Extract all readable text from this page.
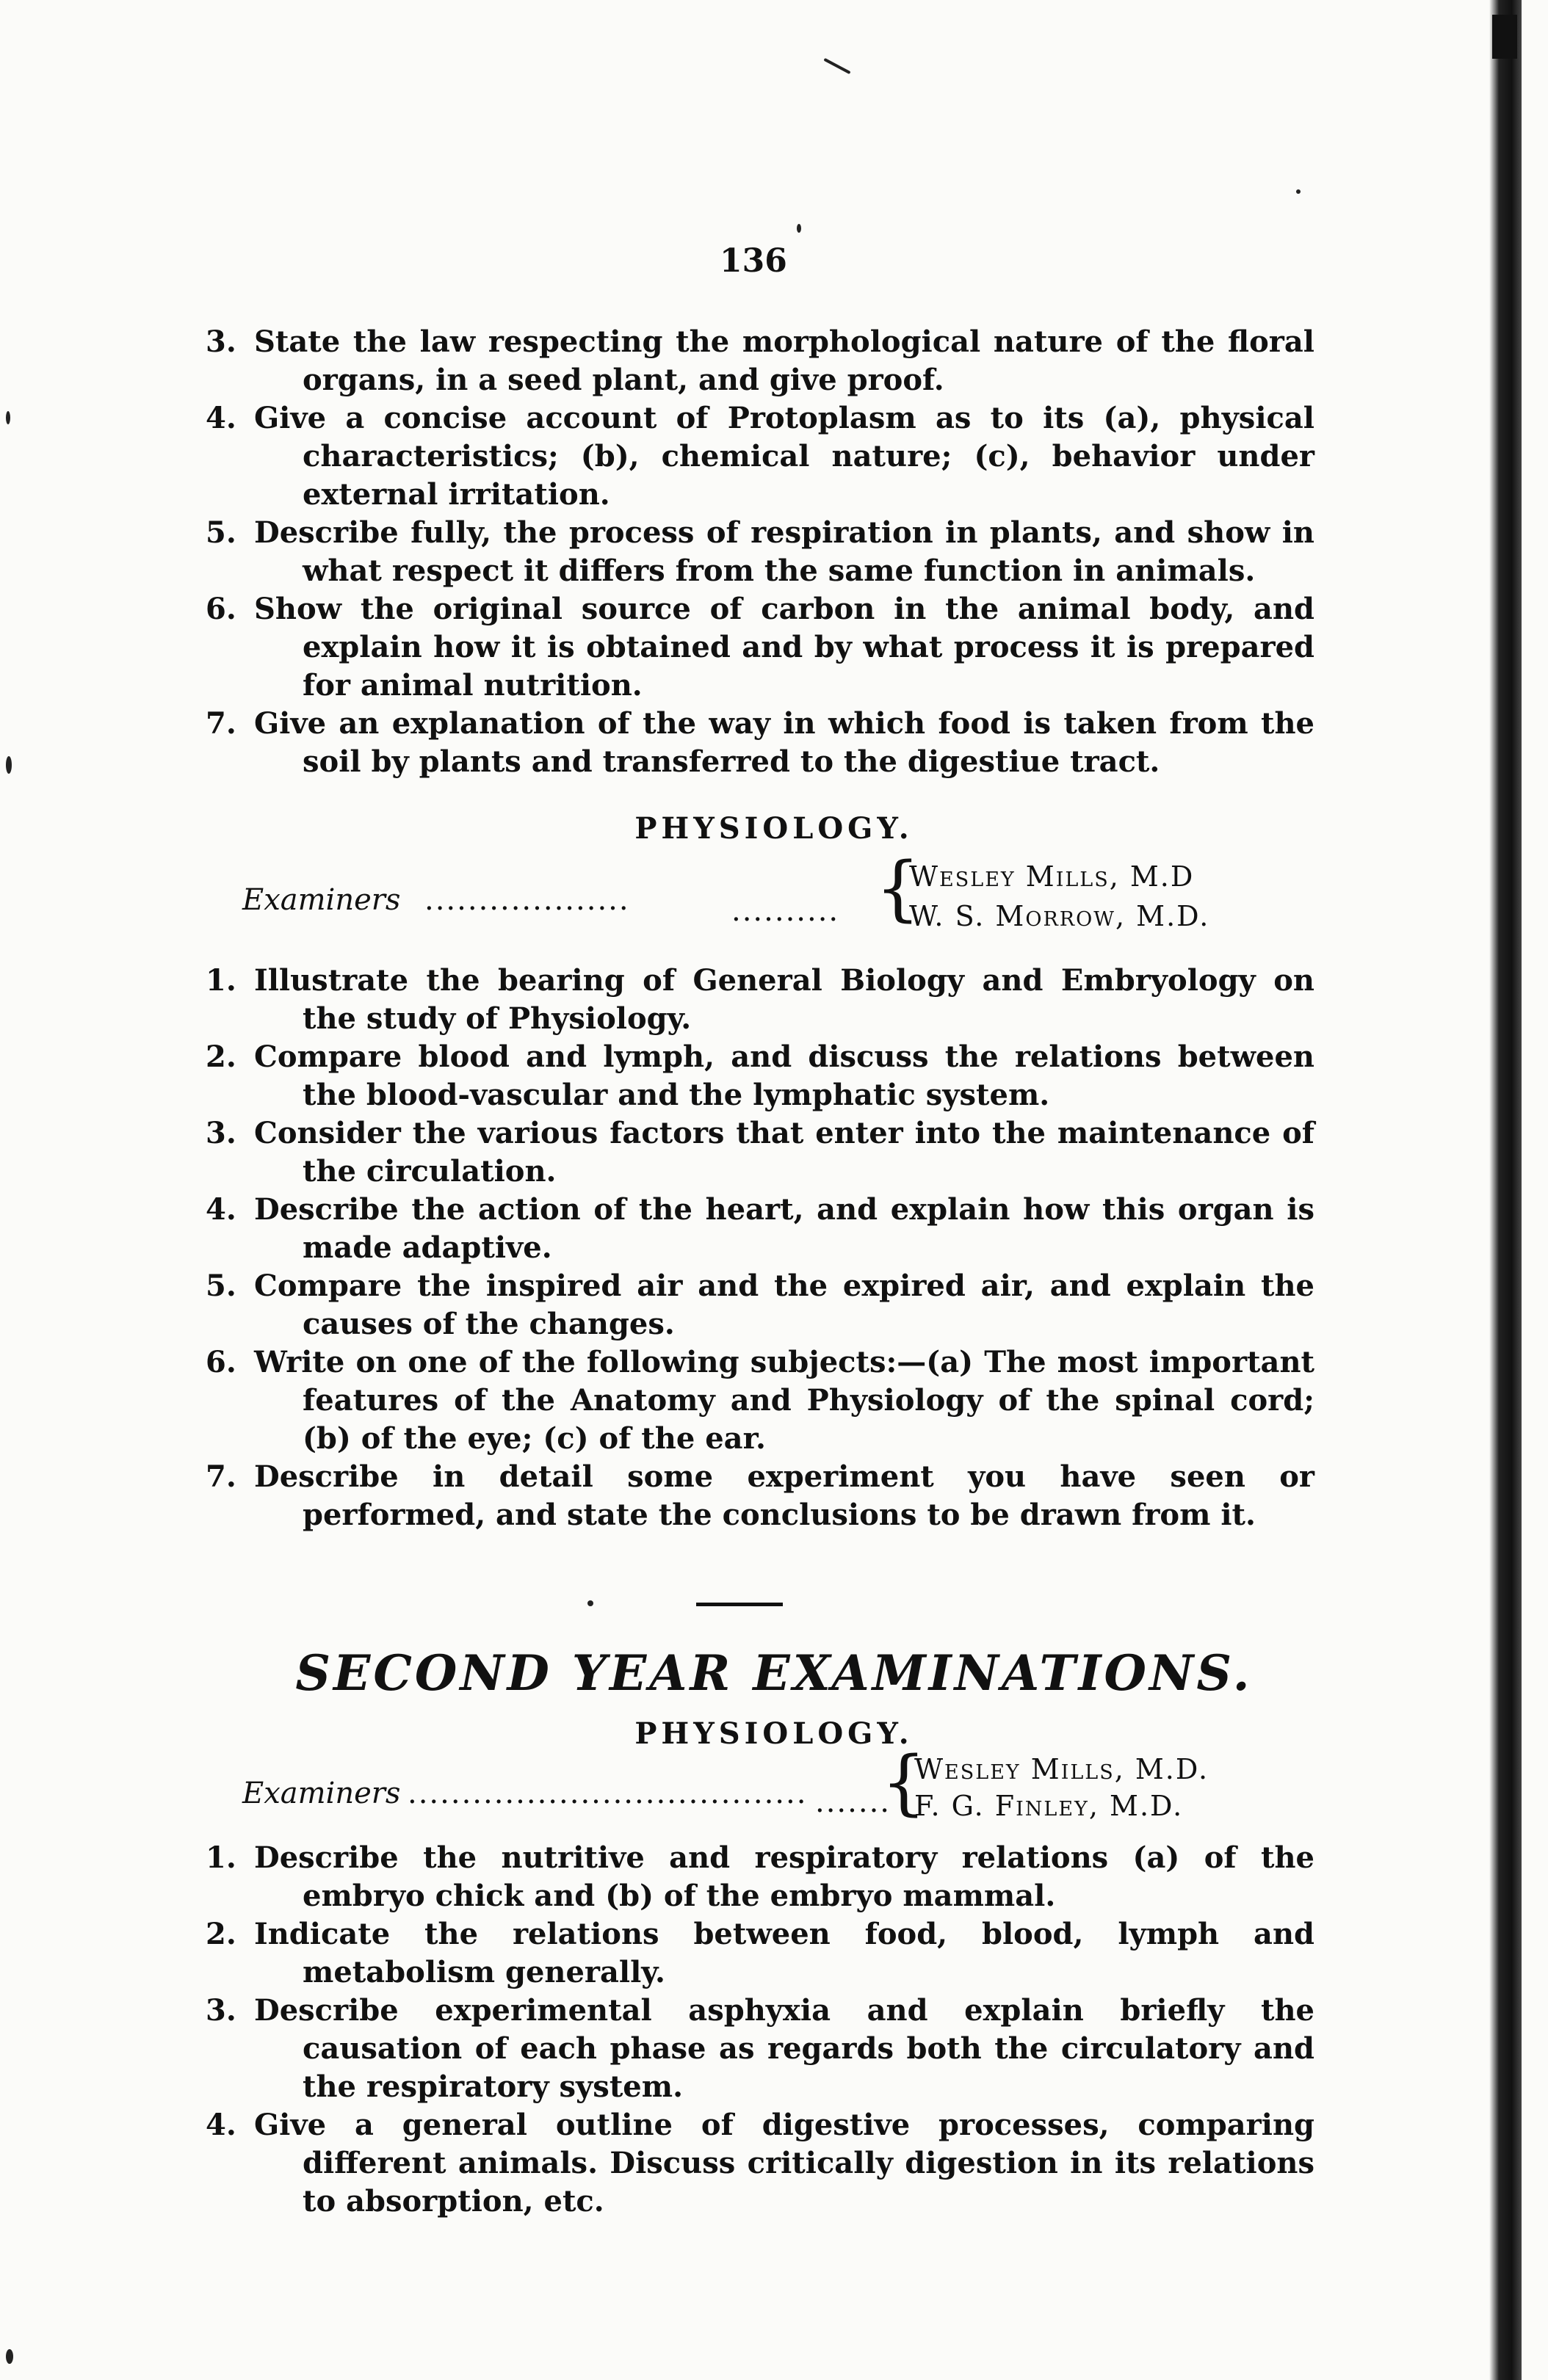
136
3. State the law respecting the morphological nature of the floral organs, in a seed plant, and give proof.
4. Give a concise account of Protoplasm as to its (a), physical characteristics; (b), chemical nature; (c), behavior under external irritation.
5. Describe fully, the process of respiration in plants, and show in what respect it differs from the same function in animals.
6. Show the original source of carbon in the animal body, and explain how it is obtained and by what process it is prepared for animal nutrition.
7. Give an explanation of the way in which food is taken from the soil by plants and transferred to the digestiue tract.
PHYSIOLOGY.
Examiners ...................	.......... {
Wesley Mills, M.D
W. S. Morrow, M.D.
1. Illustrate the bearing of General Biology and Embryology on the study of Physiology.
2. Compare blood and lymph, and discuss the relations between the blood-vascular and the lymphatic system.
3. Consider the various factors that enter into the maintenance of the circulation.
4. Describe the action of the heart, and explain how this organ is made adaptive.
5. Compare the inspired air and the expired air, and explain the causes of the changes.
6. Write on one of the following subjects:—(a) The most important features of the Anatomy and Physiology of the spinal cord; (b) of the eye; (c) of the ear.
7. Describe in detail some experiment you have seen or performed, and state the conclusions to be drawn from it.
SECOND YEAR EXAMINATIONS.
PHYSIOLOGY.
Examiners ..................................... .......
{
Wesley Mills, M.D.
F. G. Finley, M.D.
1. Describe the nutritive and respiratory relations (a) of the embryo chick and (b) of the embryo mammal.
2. Indicate the relations between food, blood, lymph and metabolism generally.
3. Describe experimental asphyxia and explain briefly the causation of each phase as regards both the circulatory and the respiratory system.
4. Give a general outline of digestive processes, comparing different animals. Discuss critically digestion in its relations to absorption, etc.
